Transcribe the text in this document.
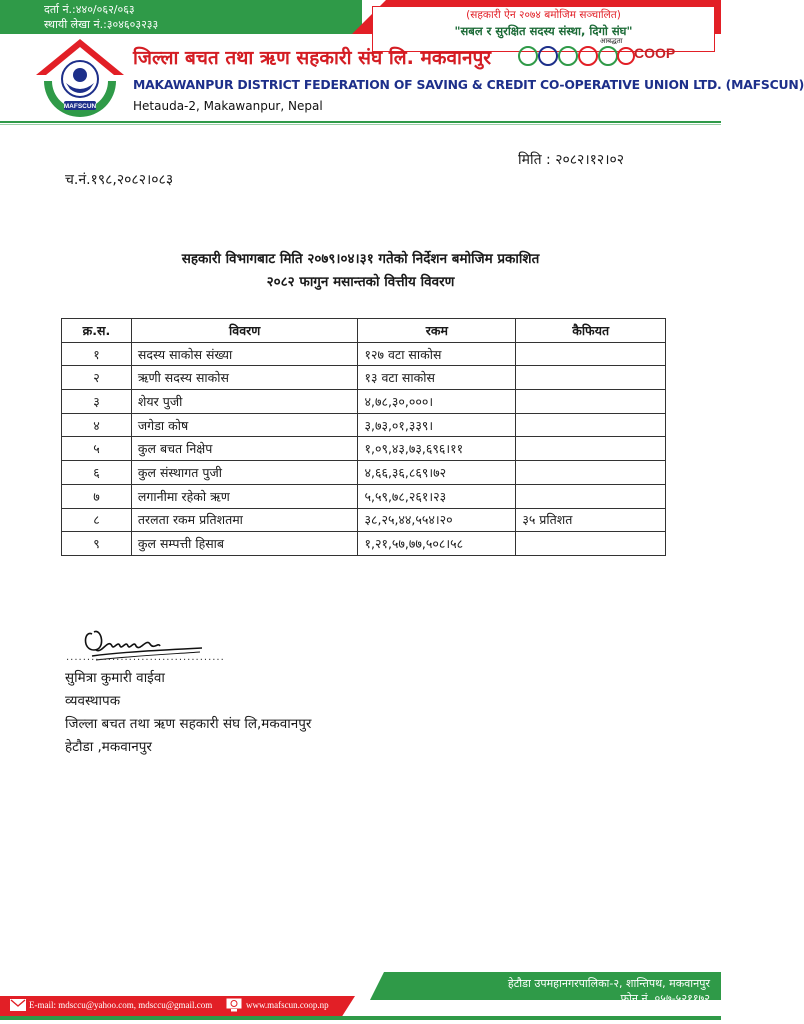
दर्ता नं.:४४०/०६२/०६३
स्थायी लेखा नं.:३०४६०३२३३
(सहकारी ऐन २०७४ बमोजिम सञ्चालित)
"सबल र सुरक्षित सदस्य संस्था, दिगो संघ"
MAFSCUN
जिल्ला बचत तथा ऋण सहकारी संघ लि. मकवानपुर
MAKAWANPUR DISTRICT FEDERATION OF SAVING & CREDIT CO-OPERATIVE UNION LTD. (MAFSCUN)
Hetauda-2, Makawanpur, Nepal
आबद्धता
COOP
मिति : २०८२।१२।०२
च.नं.१९८,२०८२।०८३
सहकारी विभागबाट मिति २०७९।०४।३१ गतेको निर्देशन बमोजिम प्रकाशित
२०८२ फागुन मसान्तको वित्तीय विवरण
क्र.स.	विवरण	रकम	कैफियत
१	सदस्य साकोस संख्या	१२७ वटा साकोस	
२	ऋणी सदस्य साकोस	१३ वटा साकोस	
३	शेयर पुजी	४,७८,३०,०००।	
४	जगेडा कोष	३,७३,०१,३३९।	
५	कुल बचत निक्षेप	१,०९,४३,७३,६९६।११	
६	कुल संस्थागत पुजी	४,६६,३६,८६९।७२	
७	लगानीमा रहेको ऋण	५,५९,७८,२६१।२३	
८	तरलता रकम प्रतिशतमा	३८,२५,४४,५५४।२०	३५ प्रतिशत
९	कुल सम्पत्ती हिसाब	१,२१,५७,७७,५०८।५८	
......................................
सुमित्रा कुमारी वाईवा
व्यवस्थापक
जिल्ला बचत तथा ऋण सहकारी संघ लि,मकवानपुर
हेटौडा ,मकवानपुर
हेटौडा उपमहानगरपालिका-२, शान्तिपथ, मकवानपुर
फोन नं. ०५७-५२११७२
E-mail: mdsccu@yahoo.com, mdsccu@gmail.com	www.mafscun.coop.np
